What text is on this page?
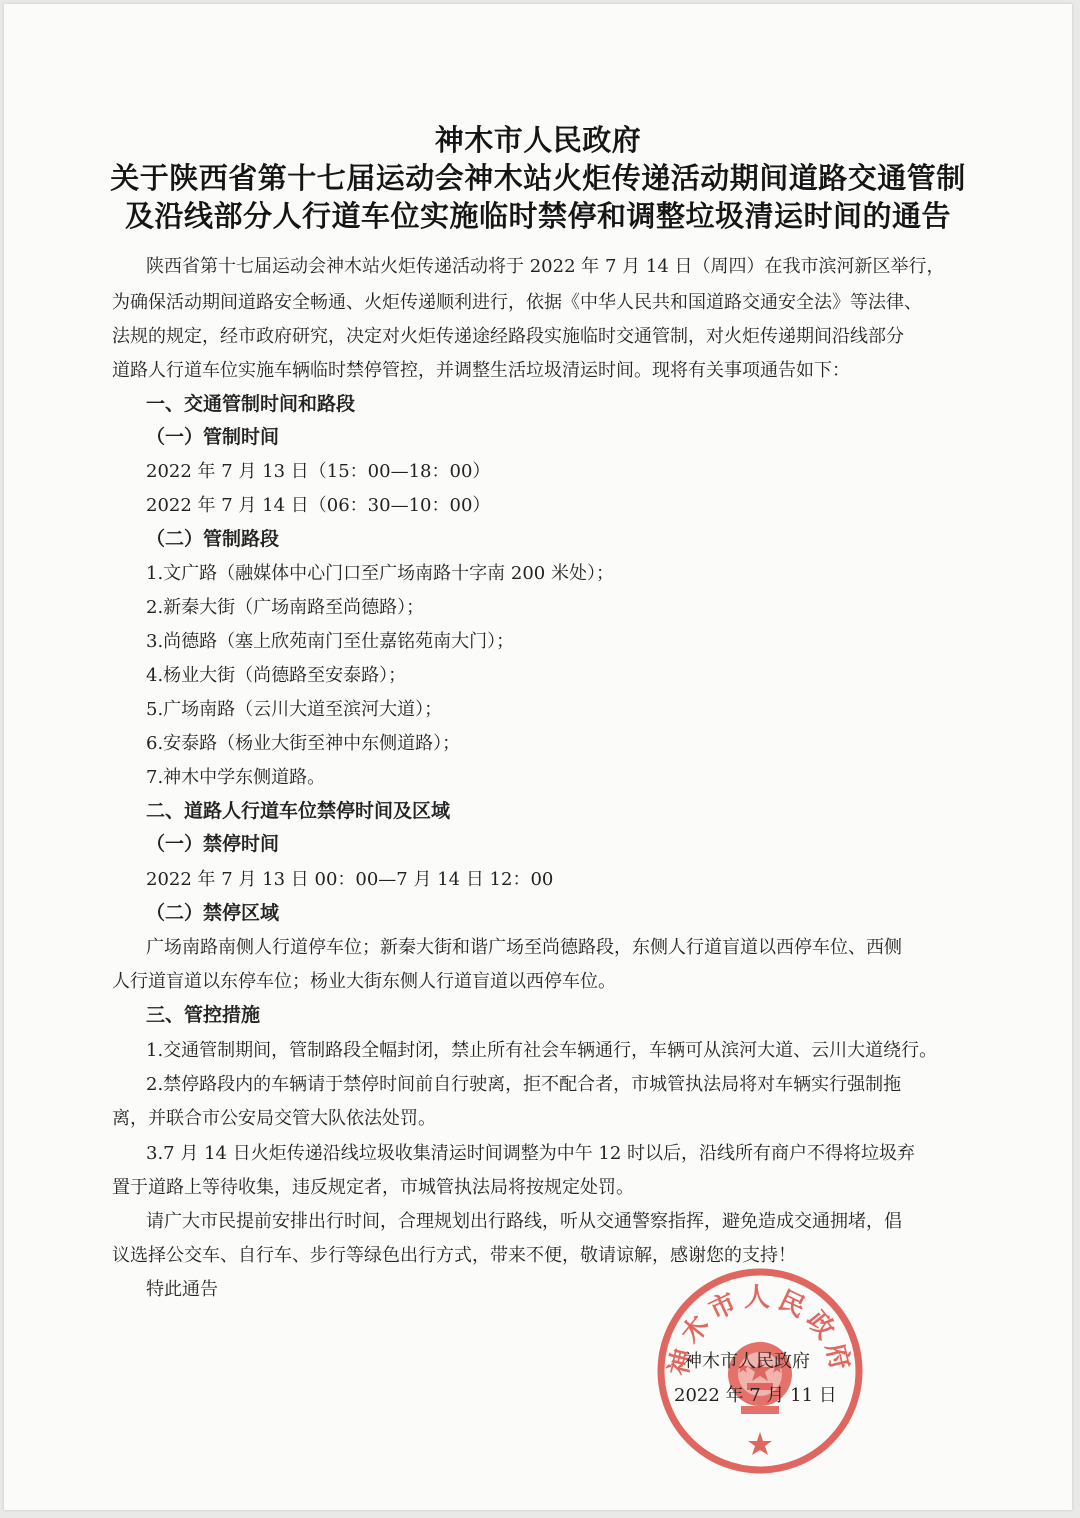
神木市人民政府
关于陕西省第十七届运动会神木站火炬传递活动期间道路交通管制
及沿线部分人行道车位实施临时禁停和调整垃圾清运时间的通告
陕西省第十七届运动会神木站火炬传递活动将于 2022 年 7 月 14 日（周四）在我市滨河新区举行，
为确保活动期间道路安全畅通、火炬传递顺利进行，依据《中华人民共和国道路交通安全法》等法律、
法规的规定，经市政府研究，决定对火炬传递途经路段实施临时交通管制，对火炬传递期间沿线部分
道路人行道车位实施车辆临时禁停管控，并调整生活垃圾清运时间。现将有关事项通告如下：
一、交通管制时间和路段
（一）管制时间
2022 年 7 月 13 日（15：00—18：00）
2022 年 7 月 14 日（06：30—10：00）
（二）管制路段
1.文广路（融媒体中心门口至广场南路十字南 200 米处）；
2.新秦大街（广场南路至尚德路）；
3.尚德路（塞上欣苑南门至仕嘉铭苑南大门）；
4.杨业大街（尚德路至安泰路）；
5.广场南路（云川大道至滨河大道）；
6.安泰路（杨业大街至神中东侧道路）；
7.神木中学东侧道路。
二、道路人行道车位禁停时间及区域
（一）禁停时间
2022 年 7 月 13 日 00：00—7 月 14 日 12：00
（二）禁停区域
广场南路南侧人行道停车位；新秦大街和谐广场至尚德路段，东侧人行道盲道以西停车位、西侧
人行道盲道以东停车位；杨业大街东侧人行道盲道以西停车位。
三、管控措施
1.交通管制期间，管制路段全幅封闭，禁止所有社会车辆通行，车辆可从滨河大道、云川大道绕行。
2.禁停路段内的车辆请于禁停时间前自行驶离，拒不配合者，市城管执法局将对车辆实行强制拖
离，并联合市公安局交管大队依法处罚。
3.7 月 14 日火炬传递沿线垃圾收集清运时间调整为中午 12 时以后，沿线所有商户不得将垃圾弃
置于道路上等待收集，违反规定者，市城管执法局将按规定处罚。
请广大市民提前安排出行时间，合理规划出行路线，听从交通警察指挥，避免造成交通拥堵，倡
议选择公交车、自行车、步行等绿色出行方式，带来不便，敬请谅解，感谢您的支持！
特此通告
神木市人民政府
神木市人民政府
2022 年 7 月 11 日
